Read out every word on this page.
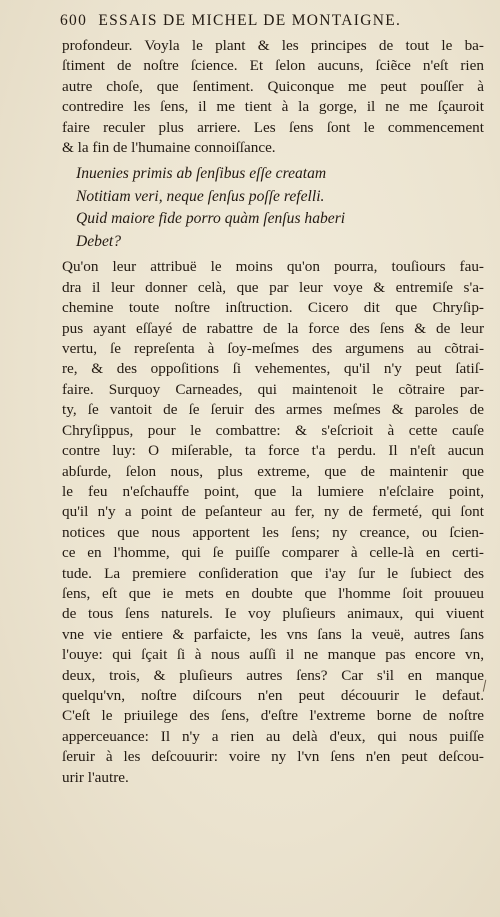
600 ESSAIS DE MICHEL DE MONTAIGNE.
profondeur. Voyla le plant & les principes de tout le ba-
ſtiment de noſtre ſcience. Et ſelon aucuns, ſciẽce n'eſt rien
autre choſe, que ſentiment. Quiconque me peut pouſſer à
contredire les ſens, il me tient à la gorge, il ne me ſçauroit
faire reculer plus arriere. Les ſens ſont le commencement
& la fin de l'humaine connoiſſance.
Inuenies primis ab ſenſibus eſſe creatam
Notitiam veri, neque ſenſus poſſe refelli.
Quid maiore fide porro quàm ſenſus haberi
Debet?
Qu'on leur attribuë le moins qu'on pourra, touſiours fau-
dra il leur donner celà, que par leur voye & entremiſe s'a-
chemine toute noſtre inſtruction. Cicero dit que Chryſip-
pus ayant eſſayé de rabattre de la force des ſens & de leur
vertu, ſe repreſenta à ſoy-meſmes des argumens au cõtrai-
re, & des oppoſitions ſi vehementes, qu'il n'y peut ſatiſ-
faire. Surquoy Carneades, qui maintenoit le cõtraire par-
ty, ſe vantoit de ſe ſeruir des armes meſmes & paroles de
Chryſippus, pour le combattre: & s'eſcrioit à cette cauſe
contre luy: O miſerable, ta force t'a perdu. Il n'eſt aucun
abſurde, ſelon nous, plus extreme, que de maintenir que
le feu n'eſchauffe point, que la lumiere n'eſclaire point,
qu'il n'y a point de peſanteur au fer, ny de fermeté, qui ſont
notices que nous apportent les ſens; ny creance, ou ſcien-
ce en l'homme, qui ſe puiſſe comparer à celle-là en certi-
tude. La premiere conſideration que i'ay ſur le ſubiect des
ſens, eſt que ie mets en doubte que l'homme ſoit prouueu
de tous ſens naturels. Ie voy pluſieurs animaux, qui viuent
vne vie entiere & parfaicte, les vns ſans la veuë, autres ſans
l'ouye: qui ſçait ſi à nous auſſi il ne manque pas encore vn,
deux, trois, & pluſieurs autres ſens? Car s'il en manque
quelqu'vn, noſtre diſcours n'en peut découurir le defaut.
C'eſt le priuilege des ſens, d'eſtre l'extreme borne de noſtre
apperceuance: Il n'y a rien au delà d'eux, qui nous puiſſe
ſeruir à les deſcouurir: voire ny l'vn ſens n'en peut deſcou-
urir l'autre.
